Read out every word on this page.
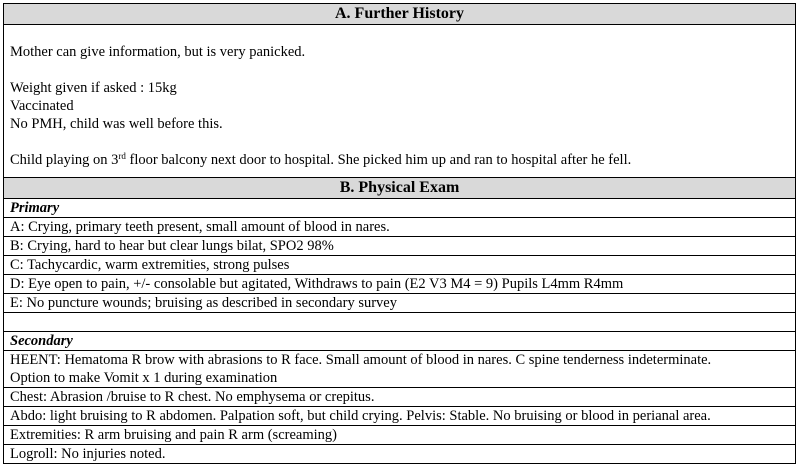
A. Further History

Mother can give information, but is very panicked.

Weight given if asked : 15kg

Vaccinated

No PMH, child was well before this.

Child playing on 3rd floor balcony next door to hospital. She picked him up and ran to hospital after he fell.

B. Physical Exam
Primary
A: Crying, primary teeth present, small amount of blood in nares.
B: Crying, hard to hear but clear lungs bilat, SPO2 98%
C: Tachycardic, warm extremities, strong pulses
D: Eye open to pain, +/- consolable but agitated, Withdraws to pain (E2 V3 M4 = 9) Pupils L4mm R4mm
E: No puncture wounds; bruising as described in secondary survey

Secondary

HEENT: Hematoma R brow with abrasions to R face. Small amount of blood in nares. C spine tenderness indeterminate.
Option to make Vomit x 1 during examination

Chest: Abrasion /bruise to R chest. No emphysema or crepitus.
Abdo: light bruising to R abdomen. Palpation soft, but child crying. Pelvis: Stable. No bruising or blood in perianal area.
Extremities: R arm bruising and pain R arm (screaming)
Logroll: No injuries noted.
